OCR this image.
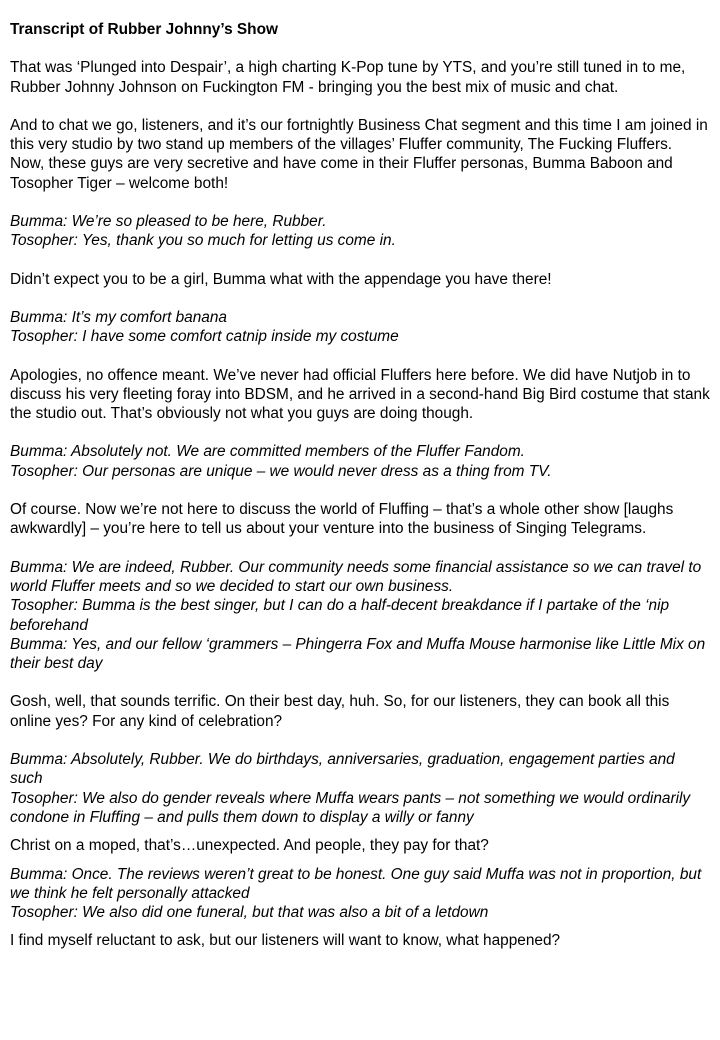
Transcript of Rubber Johnny’s Show
That was ‘Plunged into Despair’, a high charting K-Pop tune by YTS, and you’re still tuned in to me, Rubber Johnny Johnson on Fuckington FM - bringing you the best mix of music and chat.
And to chat we go, listeners, and it’s our fortnightly Business Chat segment and this time I am joined in this very studio by two stand up members of the villages’ Fluffer community, The Fucking Fluffers. Now, these guys are very secretive and have come in their Fluffer personas, Bumma Baboon and Tosopher Tiger – welcome both!
Bumma: We’re so pleased to be here, Rubber.
Tosopher: Yes, thank you so much for letting us come in.
Didn’t expect you to be a girl, Bumma what with the appendage you have there!
Bumma: It’s my comfort banana
Tosopher: I have some comfort catnip inside my costume
Apologies, no offence meant. We’ve never had official Fluffers here before. We did have Nutjob in to discuss his very fleeting foray into BDSM, and he arrived in a second-hand Big Bird costume that stank the studio out. That’s obviously not what you guys are doing though.
Bumma: Absolutely not. We are committed members of the Fluffer Fandom.
Tosopher: Our personas are unique – we would never dress as a thing from TV.
Of course. Now we’re not here to discuss the world of Fluffing – that’s a whole other show [laughs awkwardly] – you’re here to tell us about your venture into the business of Singing Telegrams.
Bumma: We are indeed, Rubber. Our community needs some financial assistance so we can travel to world Fluffer meets and so we decided to start our own business.
Tosopher: Bumma is the best singer, but I can do a half-decent breakdance if I partake of the ‘nip beforehand
Bumma: Yes, and our fellow ‘grammers – Phingerra Fox and Muffa Mouse harmonise like Little Mix on their best day
Gosh, well, that sounds terrific. On their best day, huh. So, for our listeners, they can book all this online yes? For any kind of celebration?
Bumma: Absolutely, Rubber. We do birthdays, anniversaries, graduation, engagement parties and such
Tosopher: We also do gender reveals where Muffa wears pants – not something we would ordinarily condone in Fluffing – and pulls them down to display a willy or fanny
Christ on a moped, that’s…unexpected. And people, they pay for that?
Bumma: Once. The reviews weren’t great to be honest. One guy said Muffa was not in proportion, but we think he felt personally attacked
Tosopher: We also did one funeral, but that was also a bit of a letdown
I find myself reluctant to ask, but our listeners will want to know, what happened?
